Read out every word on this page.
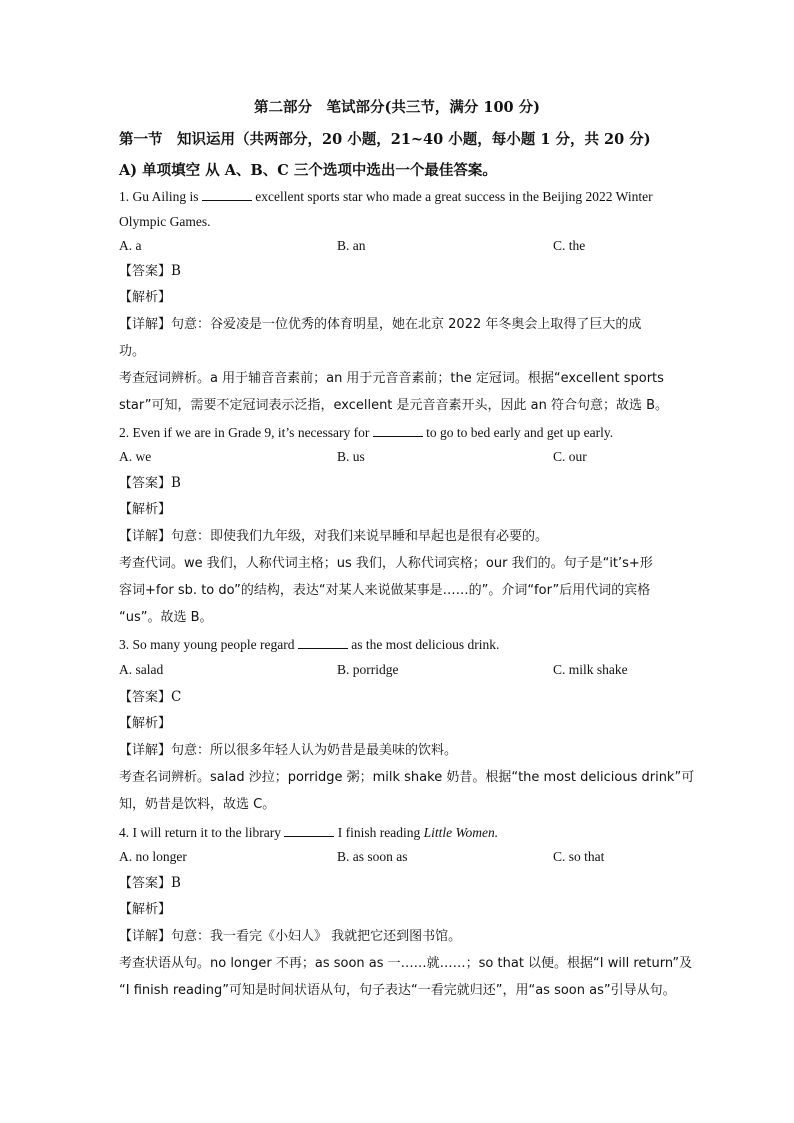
第二部分　笔试部分(共三节，满分 100 分)
第一节　知识运用（共两部分，20 小题，21~40 小题，每小题 1 分，共 20 分)
A) 单项填空 从 A、B、C 三个选项中选出一个最佳答案。
1. Gu Ailing is	excellent sports star who made a great success in the Beijing 2022 Winter
Olympic Games.
A. a	B. an	C. the
【答案】B
【解析】
【详解】句意：谷爱凌是一位优秀的体育明星，她在北京 2022 年冬奥会上取得了巨大的成
功。
考查冠词辨析。a 用于辅音音素前；an 用于元音音素前；the 定冠词。根据“excellent sports
star”可知，需要不定冠词表示泛指，excellent 是元音音素开头，因此 an 符合句意；故选 B。
2. Even if we are in Grade 9, it’s necessary for	to go to bed early and get up early.
A. we	B. us	C. our
【答案】B
【解析】
【详解】句意：即使我们九年级，对我们来说早睡和早起也是很有必要的。
考查代词。we 我们，人称代词主格；us 我们，人称代词宾格；our 我们的。句子是“it’s+形
容词+for sb. to do”的结构，表达“对某人来说做某事是……的”。介词“for”后用代词的宾格
“us”。故选 B。
3. So many young people regard	as the most delicious drink.
A. salad	B. porridge	C. milk shake
【答案】C
【解析】
【详解】句意：所以很多年轻人认为奶昔是最美味的饮料。
考查名词辨析。salad 沙拉；porridge 粥；milk shake 奶昔。根据“the most delicious drink”可
知，奶昔是饮料，故选 C。
4. I will return it to the library	I finish reading Little Women.
A. no longer	B. as soon as	C. so that
【答案】B
【解析】
【详解】句意：我一看完《小妇人》 我就把它还到图书馆。
考查状语从句。no longer 不再；as soon as 一……就……；so that 以便。根据“I will return”及
“I finish reading”可知是时间状语从句，句子表达“一看完就归还”，用“as soon as”引导从句。
